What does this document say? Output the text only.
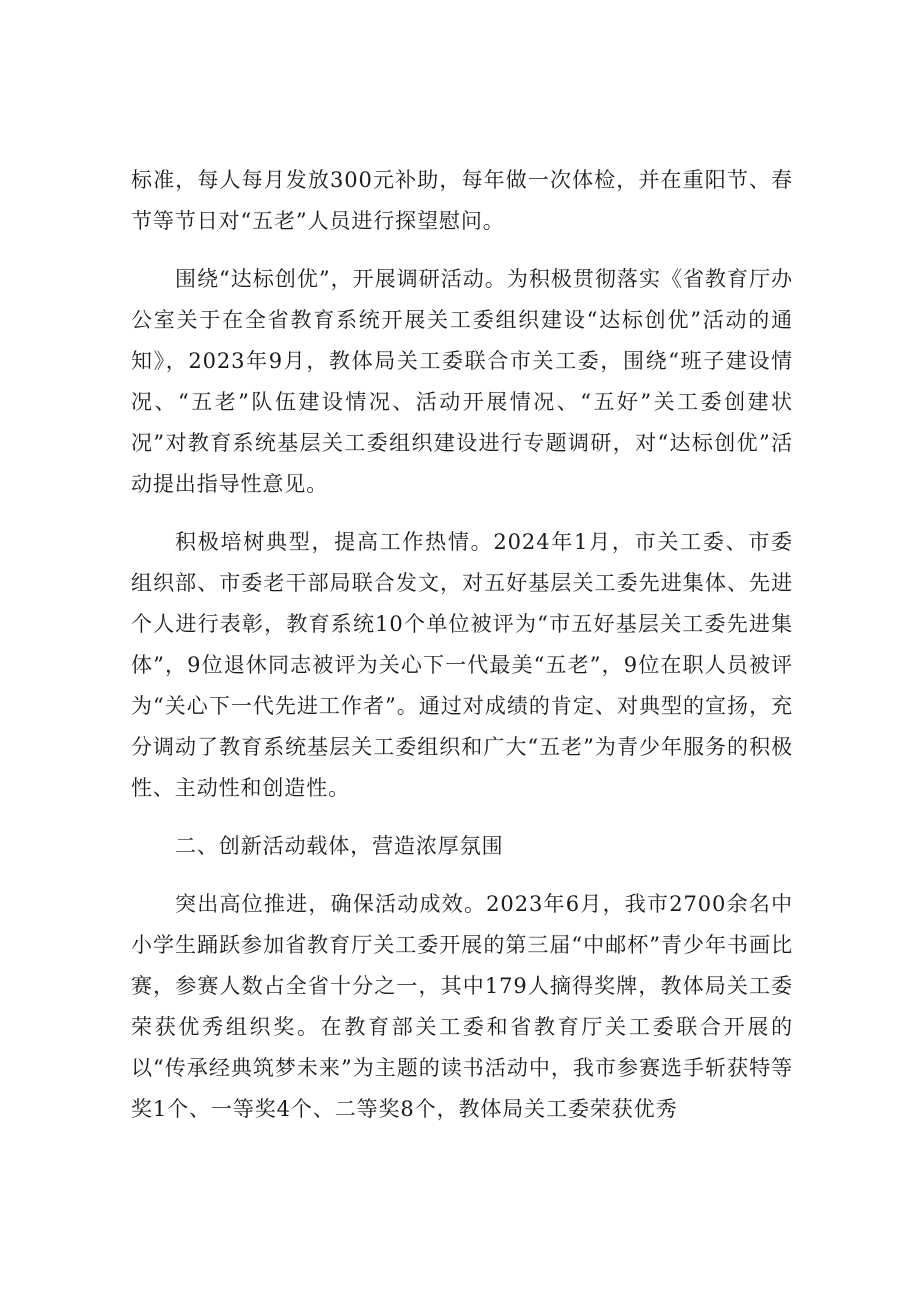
标准，每人每月发放300元补助，每年做一次体检，并在重阳节、春节等节日对“五老”人员进行探望慰问。

围绕“达标创优”，开展调研活动。为积极贯彻落实《省教育厅办公室关于在全省教育系统开展关工委组织建设“达标创优”活动的通知》，2023年9月，教体局关工委联合市关工委，围绕“班子建设情况、“五老”队伍建设情况、活动开展情况、“五好”关工委创建状况”对教育系统基层关工委组织建设进行专题调研，对“达标创优”活动提出指导性意见。

积极培树典型，提高工作热情。2024年1月，市关工委、市委组织部、市委老干部局联合发文，对五好基层关工委先进集体、先进个人进行表彰，教育系统10个单位被评为“市五好基层关工委先进集体”，9位退休同志被评为关心下一代最美“五老”，9位在职人员被评为“关心下一代先进工作者”。通过对成绩的肯定、对典型的宣扬，充分调动了教育系统基层关工委组织和广大“五老”为青少年服务的积极性、主动性和创造性。

二、创新活动载体，营造浓厚氛围

突出高位推进，确保活动成效。2023年6月，我市2700余名中小学生踊跃参加省教育厅关工委开展的第三届“中邮杯”青少年书画比赛，参赛人数占全省十分之一，其中179人摘得奖牌，教体局关工委荣获优秀组织奖。在教育部关工委和省教育厅关工委联合开展的以“传承经典筑梦未来”为主题的读书活动中，我市参赛选手斩获特等奖1个、一等奖4个、二等奖8个，教体局关工委荣获优秀
